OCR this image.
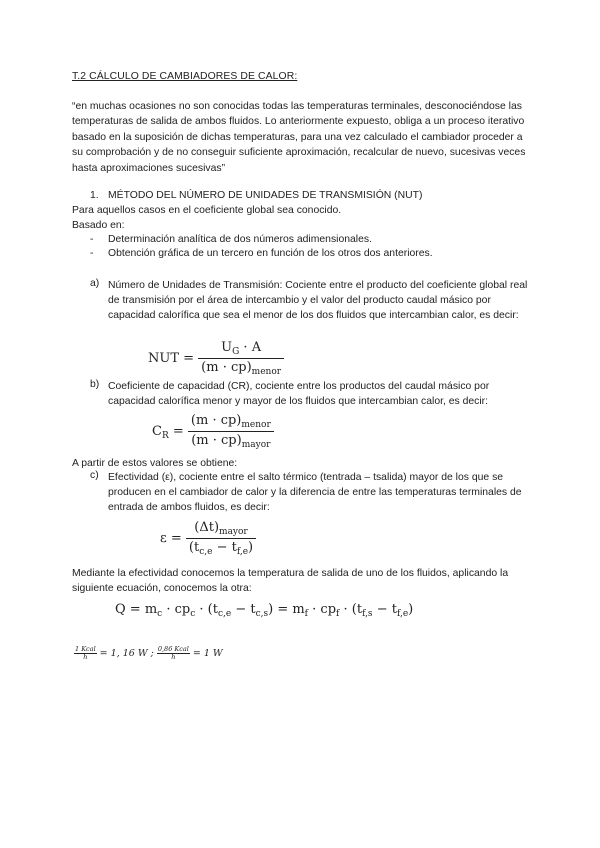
T.2 CÁLCULO DE CAMBIADORES DE CALOR:
“en muchas ocasiones no son conocidas todas las temperaturas terminales, desconociéndose las temperaturas de salida de ambos fluidos. Lo anteriormente expuesto, obliga a un proceso iterativo basado en la suposición de dichas temperaturas, para una vez calculado el cambiador proceder a su comprobación y de no conseguir suficiente aproximación, recalcular de nuevo, sucesivas veces hasta aproximaciones sucesivas”
1. MÉTODO DEL NÚMERO DE UNIDADES DE TRANSMISIÓN (NUT)
Para aquellos casos en el coeficiente global sea conocido.
Basado en:
- Determinación analítica de dos números adimensionales.
- Obtención gráfica de un tercero en función de los otros dos anteriores.
a) Número de Unidades de Transmisión: Cociente entre el producto del coeficiente global real de transmisión por el área de intercambio y el valor del producto caudal másico por capacidad calorífica que sea el menor de los dos fluidos que intercambian calor, es decir:
NUT = $\frac{U_G \cdot A}{(m \cdot cp)_{menor}}$
b) Coeficiente de capacidad (CR), cociente entre los productos del caudal másico por capacidad calorífica menor y mayor de los fluidos que intercambian calor, es decir:
$C_R = \frac{(m \cdot cp)_{menor}}{(m \cdot cp)_{mayor}}$
A partir de estos valores se obtiene:
c) Efectividad (ε), cociente entre el salto térmico (tentrada – tsalida) mayor de los que se producen en el cambiador de calor y la diferencia de entre las temperaturas terminales de entrada de ambos fluidos, es decir:
$\varepsilon = \frac{(\Delta t)_{mayor}}{(t_{c,e} - t_{f,e})}$
Mediante la efectividad conocemos la temperatura de salida de uno de los fluidos, aplicando la siguiente ecuación, conocemos la otra:
$Q = m_c \cdot cp_c \cdot (t_{c,e} - t_{c,s}) = m_f \cdot cp_f \cdot (t_{f,s} - t_{f,e})$
$\frac{\text{1 Kcal}}{h} = 1$, 16 W ; $\frac{\text{0,86 Kcal}}{h} = 1$ W
